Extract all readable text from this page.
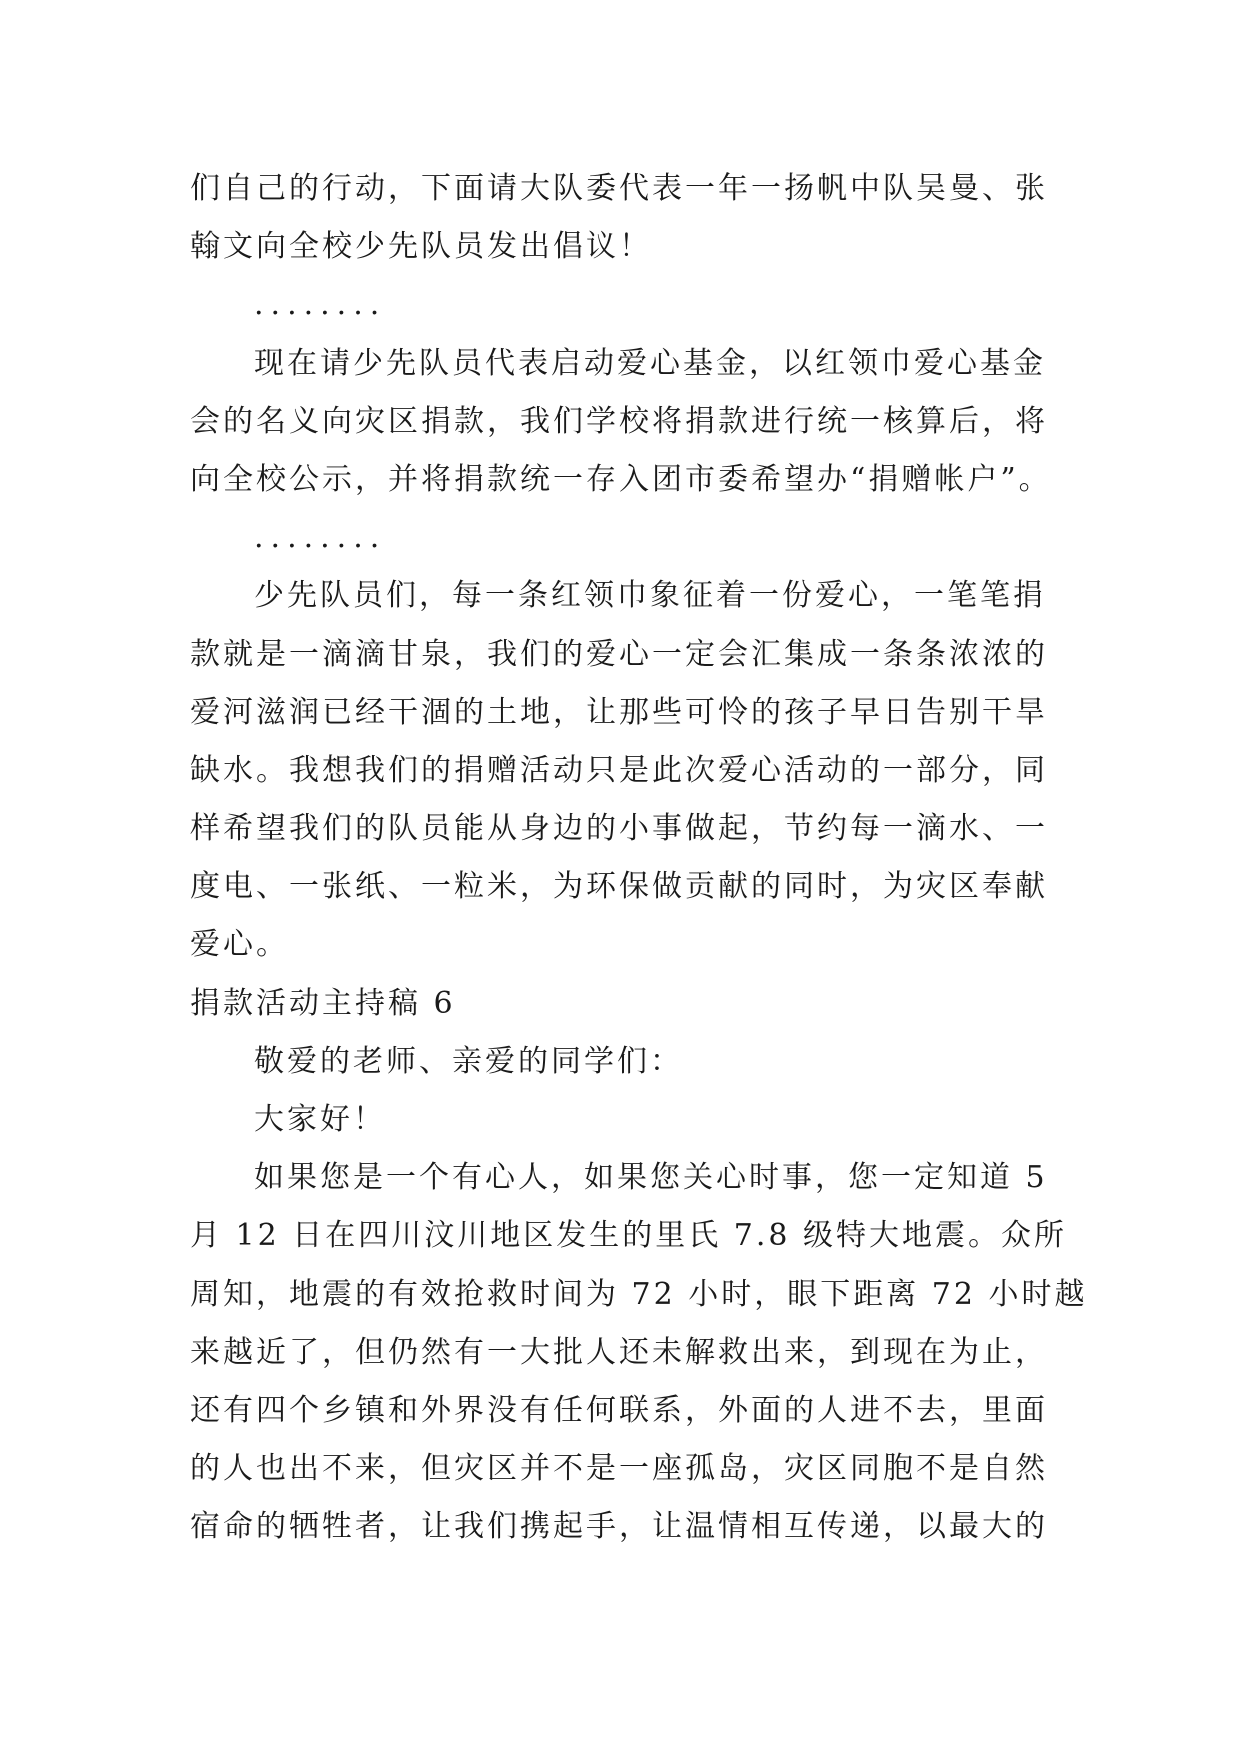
们自己的行动，下面请大队委代表一年一扬帆中队吴曼、张
翰文向全校少先队员发出倡议！
........
现在请少先队员代表启动爱心基金，以红领巾爱心基金
会的名义向灾区捐款，我们学校将捐款进行统一核算后，将
向全校公示，并将捐款统一存入团市委希望办“捐赠帐户”。
........
少先队员们，每一条红领巾象征着一份爱心，一笔笔捐
款就是一滴滴甘泉，我们的爱心一定会汇集成一条条浓浓的
爱河滋润已经干涸的土地，让那些可怜的孩子早日告别干旱
缺水。我想我们的捐赠活动只是此次爱心活动的一部分，同
样希望我们的队员能从身边的小事做起，节约每一滴水、一
度电、一张纸、一粒米，为环保做贡献的同时，为灾区奉献
爱心。
捐款活动主持稿 6
敬爱的老师、亲爱的同学们：
大家好！
如果您是一个有心人，如果您关心时事，您一定知道 5
月 12 日在四川汶川地区发生的里氏 7.8 级特大地震。众所
周知，地震的有效抢救时间为 72 小时，眼下距离 72 小时越
来越近了，但仍然有一大批人还未解救出来，到现在为止，
还有四个乡镇和外界没有任何联系，外面的人进不去，里面
的人也出不来，但灾区并不是一座孤岛，灾区同胞不是自然
宿命的牺牲者，让我们携起手，让温情相互传递，以最大的
